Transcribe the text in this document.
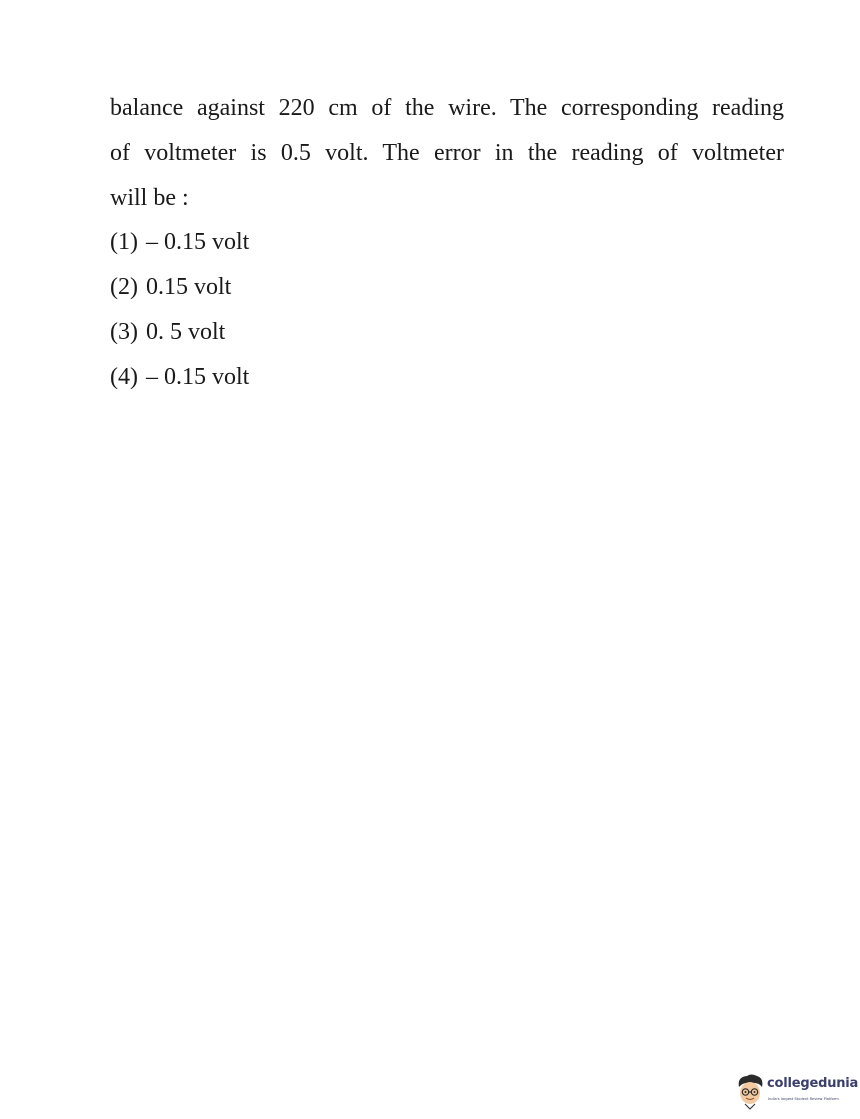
balance against 220 cm of the wire. The corresponding reading
of voltmeter is 0.5 volt. The error in the reading of voltmeter
will be :
(1) – 0.15 volt
(2) 0.15 volt
(3) 0. 5 volt
(4) – 0.15 volt
collegedunia
India's largest Student Review Platform
